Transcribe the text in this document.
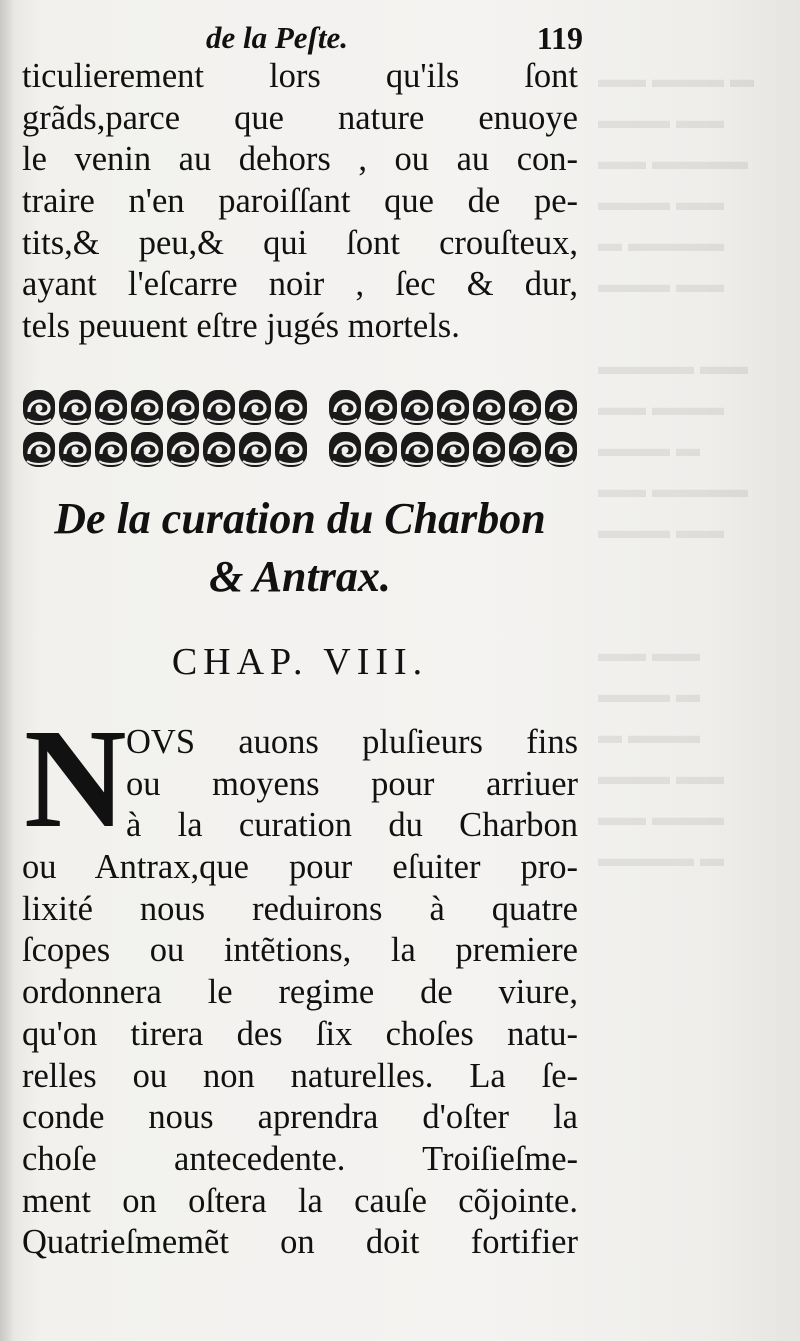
▬▬ ▬▬▬ ▬
▬▬▬ ▬▬
▬▬ ▬▬▬▬
▬▬▬ ▬▬
▬ ▬▬▬▬
▬▬▬ ▬▬

▬▬▬▬ ▬▬
▬▬ ▬▬▬
▬▬▬ ▬
▬▬ ▬▬▬▬
▬▬▬ ▬▬

▬▬ ▬▬
▬▬▬ ▬
▬ ▬▬▬
▬▬▬ ▬▬
▬▬ ▬▬▬
▬▬▬▬ ▬
de la Peſte.	119
ticulierement lors qu'ils ſont
grãds,parce que nature enuoye
le venin au dehors , ou au con-
traire n'en paroiſſant que de pe-
tits,& peu,& qui ſont crouſteux,
ayant l'eſcarre noir , ſec & dur,
tels peuuent eſtre jugés mortels.
De la curation du Charbon
& Antrax.
CHAP. VIII.
N OVS auons pluſieurs fins
ou moyens pour arriuer
à la curation du Charbon
ou Antrax,que pour eſuiter pro-
lixité nous reduirons à quatre
ſcopes ou intẽtions, la premiere
ordonnera le regime de viure,
qu'on tirera des ſix choſes natu-
relles ou non naturelles. La ſe-
conde nous aprendra d'oſter la
choſe antecedente. Troiſieſme-
ment on oſtera la cauſe cõjointe.
Quatrieſmemẽt on doit fortifier
